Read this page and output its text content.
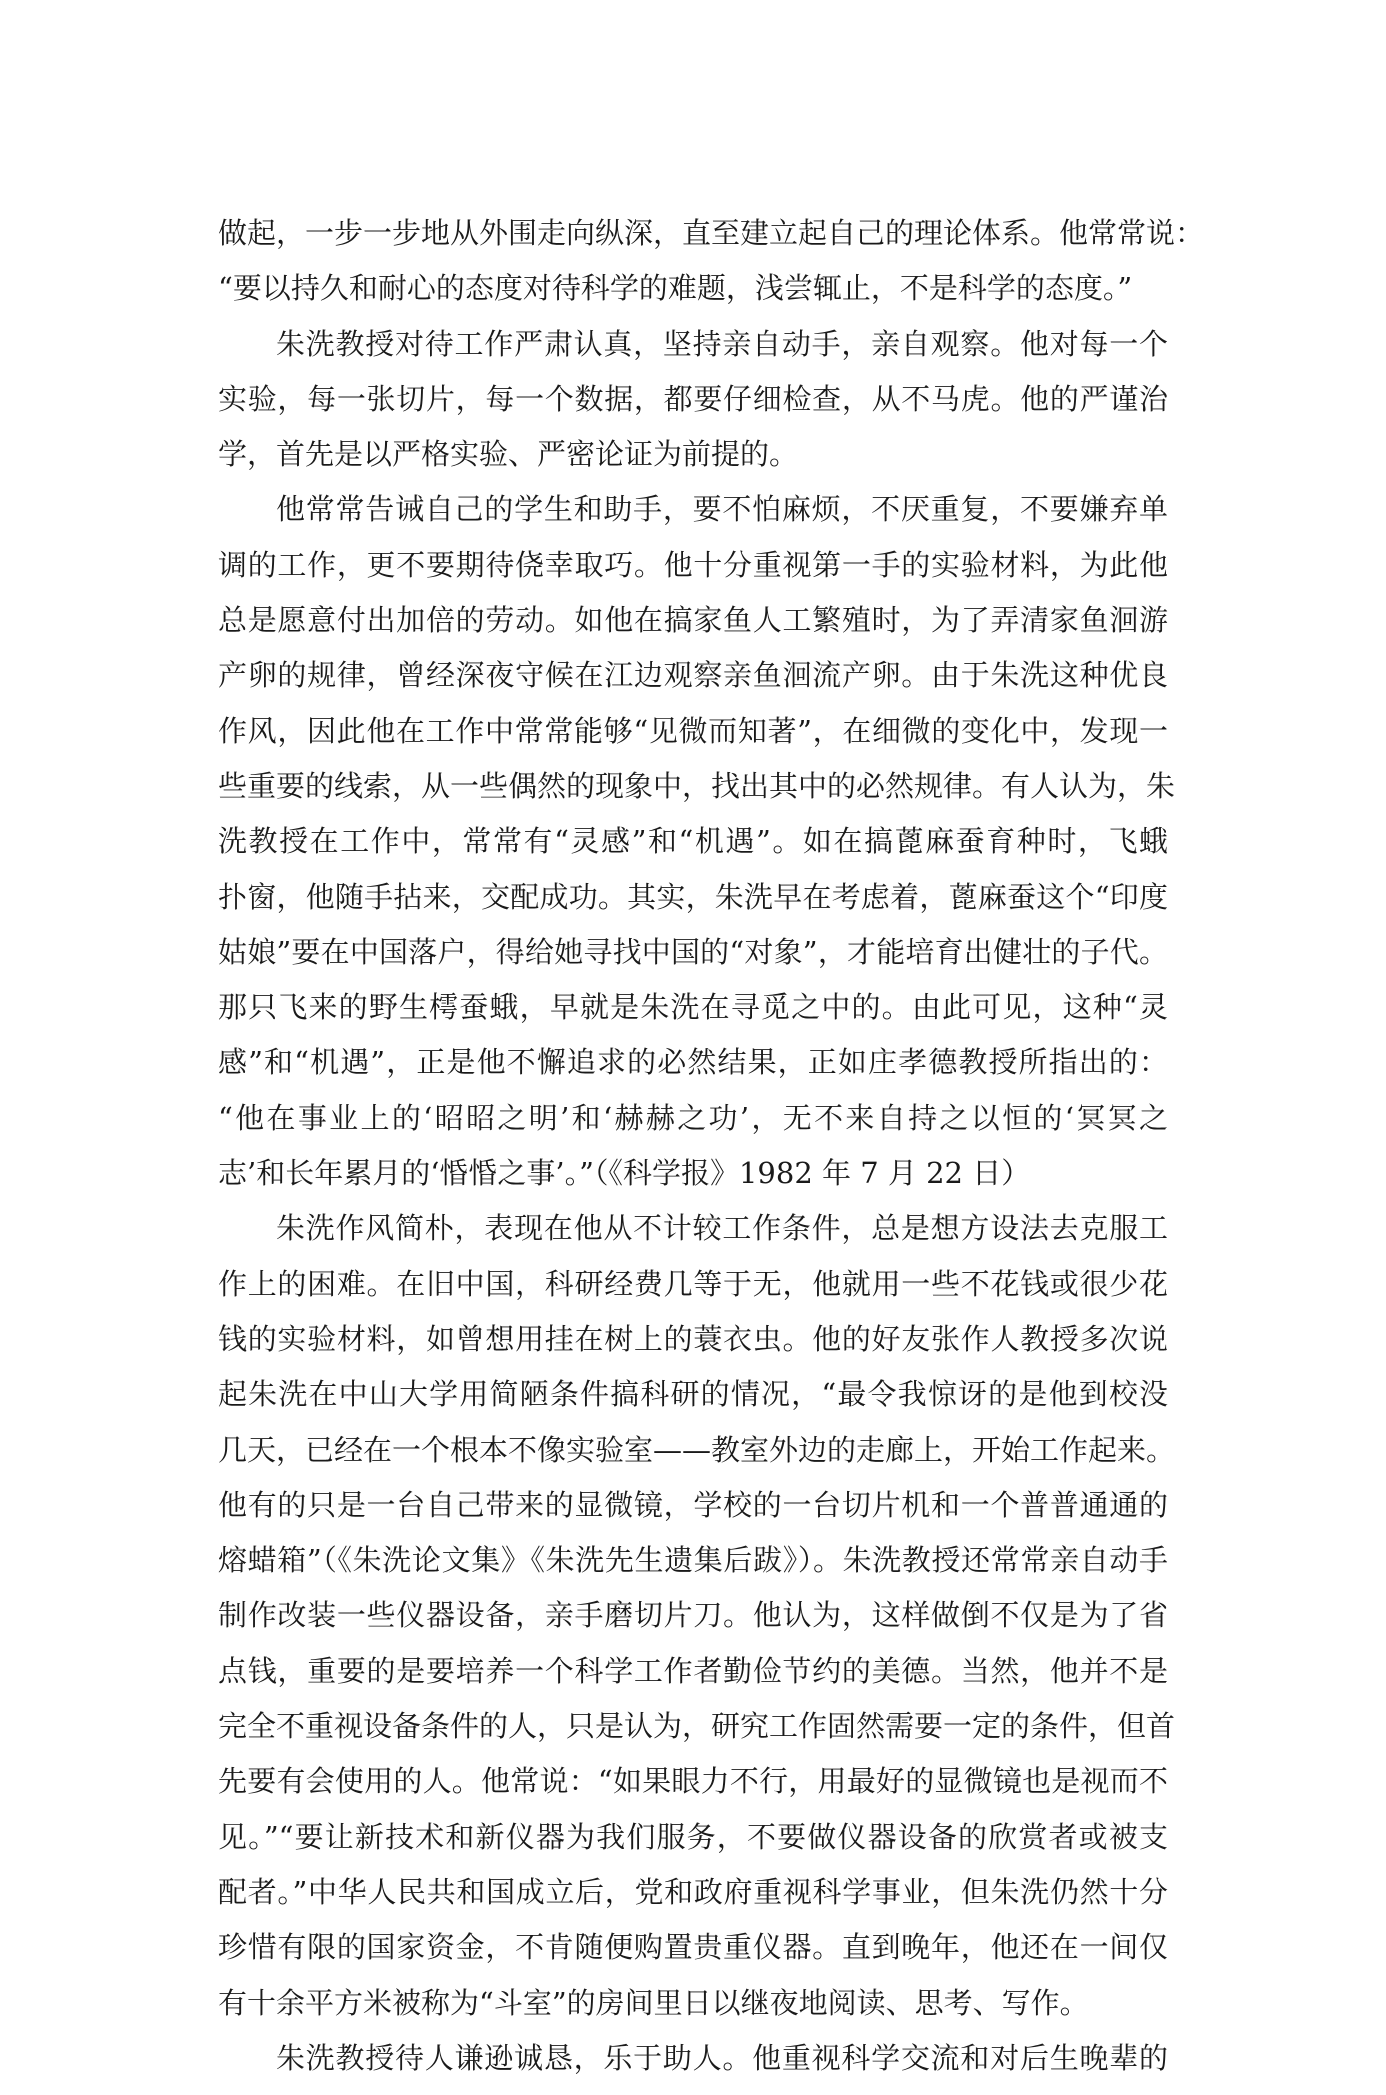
做起，一步一步地从外围走向纵深，直至建立起自己的理论体系。他常常说：
“要以持久和耐心的态度对待科学的难题，浅尝辄止，不是科学的态度。”
朱洗教授对待工作严肃认真，坚持亲自动手，亲自观察。他对每一个
实验，每一张切片，每一个数据，都要仔细检查，从不马虎。他的严谨治
学，首先是以严格实验、严密论证为前提的。
他常常告诫自己的学生和助手，要不怕麻烦，不厌重复，不要嫌弃单
调的工作，更不要期待侥幸取巧。他十分重视第一手的实验材料，为此他
总是愿意付出加倍的劳动。如他在搞家鱼人工繁殖时，为了弄清家鱼洄游
产卵的规律，曾经深夜守候在江边观察亲鱼洄流产卵。由于朱洗这种优良
作风，因此他在工作中常常能够“见微而知著”，在细微的变化中，发现一
些重要的线索，从一些偶然的现象中，找出其中的必然规律。有人认为，朱
洗教授在工作中，常常有“灵感”和“机遇”。如在搞蓖麻蚕育种时，飞蛾
扑窗，他随手拈来，交配成功。其实，朱洗早在考虑着，蓖麻蚕这个“印度
姑娘”要在中国落户，得给她寻找中国的“对象”，才能培育出健壮的子代。
那只飞来的野生樗蚕蛾，早就是朱洗在寻觅之中的。由此可见，这种“灵
感”和“机遇”，正是他不懈追求的必然结果，正如庄孝德教授所指出的：
“他在事业上的‘昭昭之明’和‘赫赫之功’，无不来自持之以恒的‘冥冥之
志’和长年累月的‘惛惛之事’。”（《科学报》1982 年 7 月 22 日）
朱洗作风简朴，表现在他从不计较工作条件，总是想方设法去克服工
作上的困难。在旧中国，科研经费几等于无，他就用一些不花钱或很少花
钱的实验材料，如曾想用挂在树上的蓑衣虫。他的好友张作人教授多次说
起朱洗在中山大学用简陋条件搞科研的情况，“最令我惊讶的是他到校没
几天，已经在一个根本不像实验室——教室外边的走廊上，开始工作起来。
他有的只是一台自己带来的显微镜，学校的一台切片机和一个普普通通的
熔蜡箱”（《朱洗论文集》《朱洗先生遗集后跋》）。朱洗教授还常常亲自动手
制作改装一些仪器设备，亲手磨切片刀。他认为，这样做倒不仅是为了省
点钱，重要的是要培养一个科学工作者勤俭节约的美德。当然，他并不是
完全不重视设备条件的人，只是认为，研究工作固然需要一定的条件，但首
先要有会使用的人。他常说：“如果眼力不行，用最好的显微镜也是视而不
见。”“要让新技术和新仪器为我们服务，不要做仪器设备的欣赏者或被支
配者。”中华人民共和国成立后，党和政府重视科学事业，但朱洗仍然十分
珍惜有限的国家资金，不肯随便购置贵重仪器。直到晚年，他还在一间仅
有十余平方米被称为“斗室”的房间里日以继夜地阅读、思考、写作。
朱洗教授待人谦逊诚恳，乐于助人。他重视科学交流和对后生晚辈的
